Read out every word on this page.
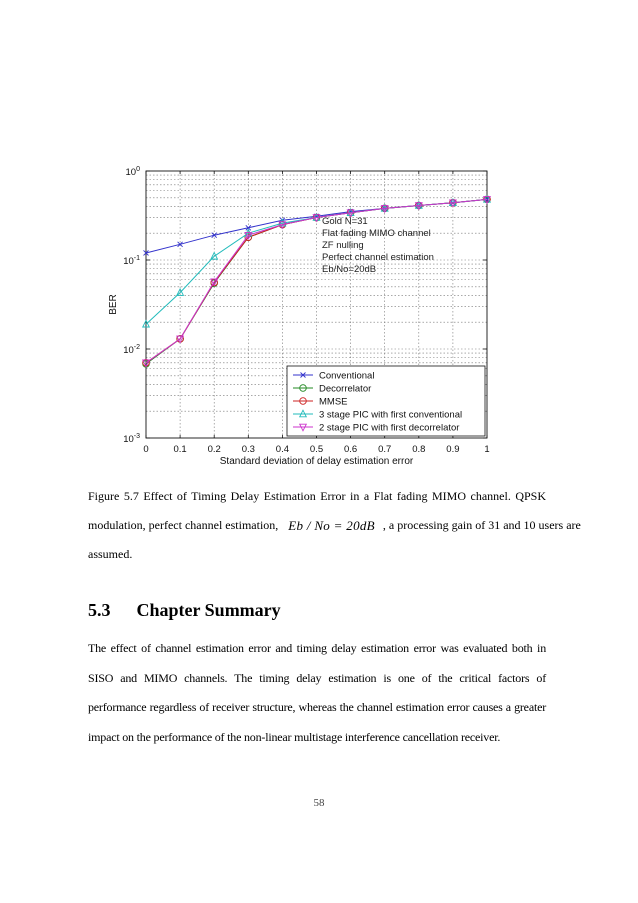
0	0.1 0.2 0.3 0.4 0.5 0.6 0.7 0.8 0.9	1
$10^0$
$10^{-1}$
$10^{-2}$
$10^{-3}$
Standard deviation of delay estimation error
BER
Gold N=31
Flat fading MIMO channel
ZF nulling
Perfect channel estimation
Eb/No=20dB
Conventional
Decorrelator
MMSE
3 stage PIC with first conventional
2 stage PIC with first decorrelator

Figure 5.7 Effect of Timing Delay Estimation Error in a Flat fading MIMO channel. QPSK

modulation, perfect channel estimation, Eb / No = 20dB , a processing gain of 31 and 10 users are

assumed.

5.3 Chapter Summary

The effect of channel estimation error and timing delay estimation error was evaluated both in SISO and MIMO channels. The timing delay estimation is one of the critical factors of performance regardless of receiver structure, whereas the channel estimation error causes a greater impact on the performance of the non-linear multistage interference cancellation receiver.

58
